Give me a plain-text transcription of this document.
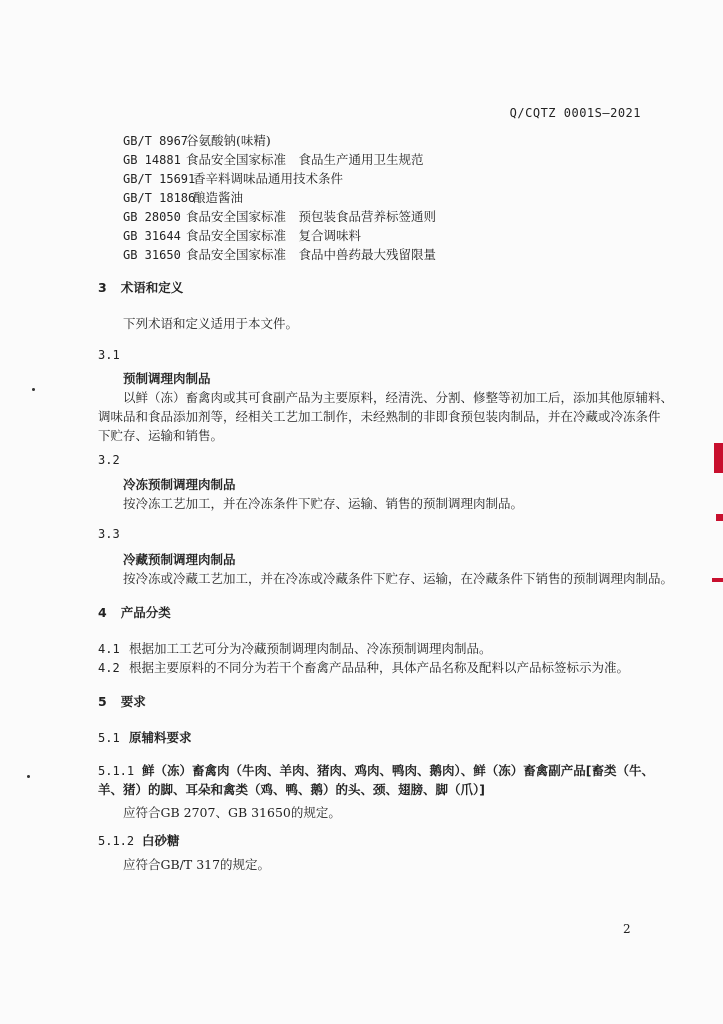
Q/CQTZ 0001S—2021
GB/T 8967谷氨酸钠(味精)
GB 14881 食品安全国家标准　食品生产通用卫生规范
GB/T 15691香辛料调味品通用技术条件
GB/T 18186酿造酱油
GB 28050 食品安全国家标准　预包装食品营养标签通则
GB 31644 食品安全国家标准　复合调味料
GB 31650 食品安全国家标准　食品中兽药最大残留限量
3 术语和定义
下列术语和定义适用于本文件。
3.1
预制调理肉制品
以鲜（冻）畜禽肉或其可食副产品为主要原料，经清洗、分割、修整等初加工后，添加其他原辅料、
调味品和食品添加剂等，经相关工艺加工制作，未经熟制的非即食预包装肉制品，并在冷藏或冷冻条件
下贮存、运输和销售。
3.2
冷冻预制调理肉制品
按冷冻工艺加工，并在冷冻条件下贮存、运输、销售的预制调理肉制品。
3.3
冷藏预制调理肉制品
按冷冻或冷藏工艺加工，并在冷冻或冷藏条件下贮存、运输，在冷藏条件下销售的预制调理肉制品。
4 产品分类
4.1 根据加工工艺可分为冷藏预制调理肉制品、冷冻预制调理肉制品。
4.2 根据主要原料的不同分为若干个畜禽产品品种，具体产品名称及配料以产品标签标示为准。
5 要求
5.1 原辅料要求
5.1.1 鲜（冻）畜禽肉（牛肉、羊肉、猪肉、鸡肉、鸭肉、鹅肉）、鲜（冻）畜禽副产品[畜类（牛、
羊、猪）的脚、耳朵和禽类（鸡、鸭、鹅）的头、颈、翅膀、脚（爪）]
应符合GB 2707、GB 31650的规定。
5.1.2 白砂糖
应符合GB/T 317的规定。
2
